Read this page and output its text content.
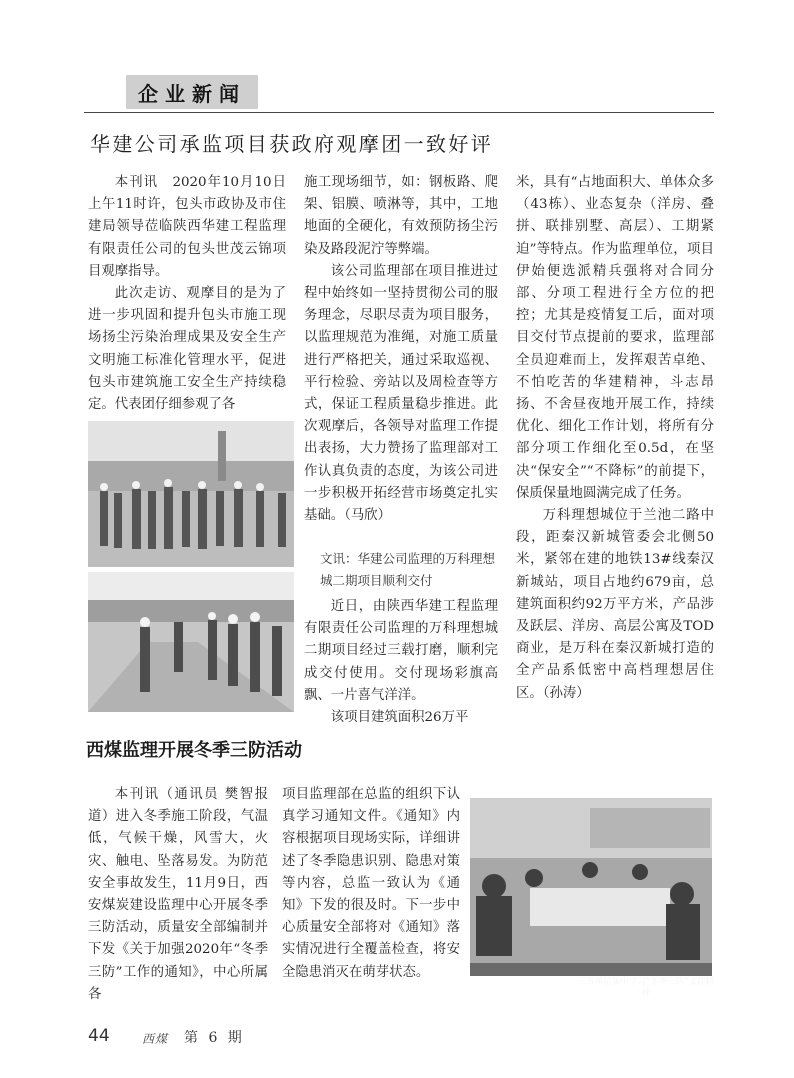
企业新闻
华建公司承监项目获政府观摩团一致好评

本刊讯　2020年10月10日上午11时许，包头市政协及市住建局领导莅临陕西华建工程监理有限责任公司的包头世茂云锦项目观摩指导。

此次走访、观摩目的是为了进一步巩固和提升包头市施工现场扬尘污染治理成果及安全生产文明施工标准化管理水平，促进包头市建筑施工安全生产持续稳定。代表团仔细参观了各

施工现场细节，如：钢板路、爬架、铝膜、喷淋等，其中，工地地面的全硬化，有效预防扬尘污染及路段泥泞等弊端。

该公司监理部在项目推进过程中始终如一坚持贯彻公司的服务理念，尽职尽责为项目服务，以监理规范为准绳，对施工质量进行严格把关，通过采取巡视、平行检验、旁站以及周检查等方式，保证工程质量稳步推进。此次观摩后，各领导对监理工作提出表扬，大力赞扬了监理部对工作认真负责的态度，为该公司进一步积极开拓经营市场奠定扎实基础。（马欣）

文讯：华建公司监理的万科理想城二期项目顺利交付

近日，由陕西华建工程监理有限责任公司监理的万科理想城二期项目经过三载打磨，顺利完成交付使用。交付现场彩旗高飘、一片喜气洋洋。

该项目建筑面积26万平

米，具有“占地面积大、单体众多（43栋）、业态复杂（洋房、叠拼、联排别墅、高层）、工期紧迫”等特点。作为监理单位，项目伊始便选派精兵强将对合同分部、分项工程进行全方位的把控；尤其是疫情复工后，面对项目交付节点提前的要求，监理部全员迎难而上，发挥艰苦卓绝、不怕吃苦的华建精神，斗志昂扬、不舍昼夜地开展工作，持续优化、细化工作计划，将所有分部分项工作细化至0.5d，在坚决“保安全”“不降标”的前提下，保质保量地圆满完成了任务。

万科理想城位于兰池二路中段，距秦汉新城管委会北侧50米，紧邻在建的地铁13#线秦汉新城站，项目占地约679亩，总建筑面积约92万平方米，产品涉及跃层、洋房、高层公寓及TOD商业，是万科在秦汉新城打造的全产品系低密中高档理想居住区。（孙涛）

西煤监理开展冬季三防活动

本刊讯（通讯员 樊智报道）进入冬季施工阶段，气温低，气候干燥，风雪大，火灾、触电、坠落易发。为防范安全事故发生，11月9日，西安煤炭建设监理中心开展冬季三防活动，质量安全部编制并下发《关于加强2020年“冬季三防”工作的通知》，中心所属各

项目监理部在总监的组织下认真学习通知文件。《通知》内容根据项目现场实际，详细讲述了冬季隐患识别、隐患对策等内容，总监一致认为《通知》下发的很及时。下一步中心质量安全部将对《通知》落实情况进行全覆盖检查，将安全隐患消灭在萌芽状态。

三方单位集中学习“冬季三防”文件精神
44	西煤 第 6 期
